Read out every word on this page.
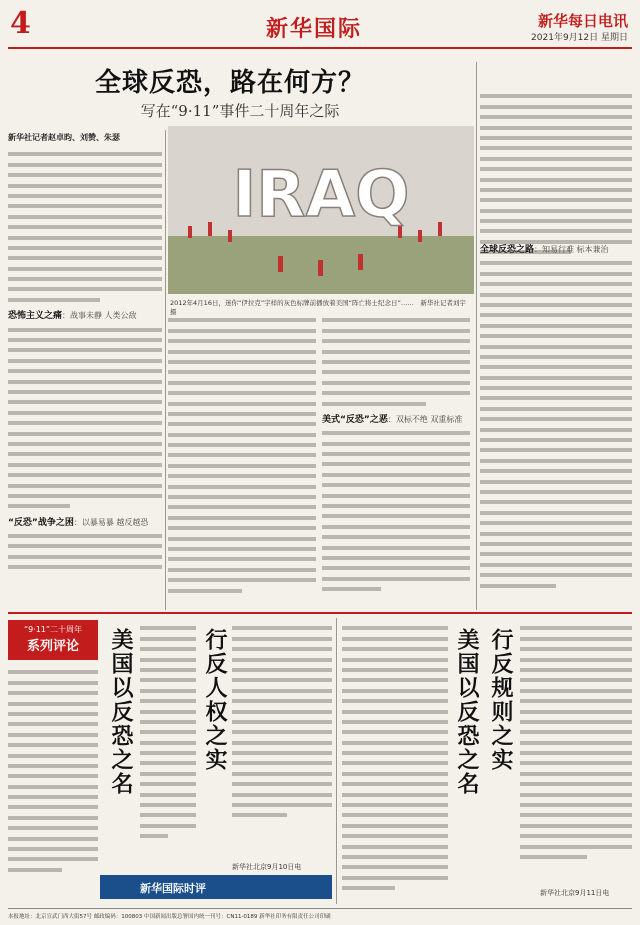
4	新华国际	新华每日电讯
2021年9月12日 星期日
全球反恐，路在何方？
写在“9·11”事件二十周年之际
新华社记者赵卓昀、刘赞、朱瑟
恐怖主义之痛：战事未静 人类公敌
“反恐”战争之困：以暴易暴 越反越恐
IRAQ
2012年4月16日，迷你“伊拉克”字样的灰色标牌前播放着美国“阵亡将士纪念日”……　 新华社记者刘宇摄
美式“反恐”之恶：双标不绝 双重标准
全球反恐之路：知易行难 标本兼治
“9·11”二十周年
系列评论	美国以反恐之名	行反人权之实
新华社北京9月10日电
新华国际时评
美国以反恐之名 行反规则之实
新华社北京9月11日电
本报地址：北京宣武门西大街57号 邮政编码：100803 中国新闻出版总署国内统一刊号：CN11-0189 新华社印务有限责任公司印刷
